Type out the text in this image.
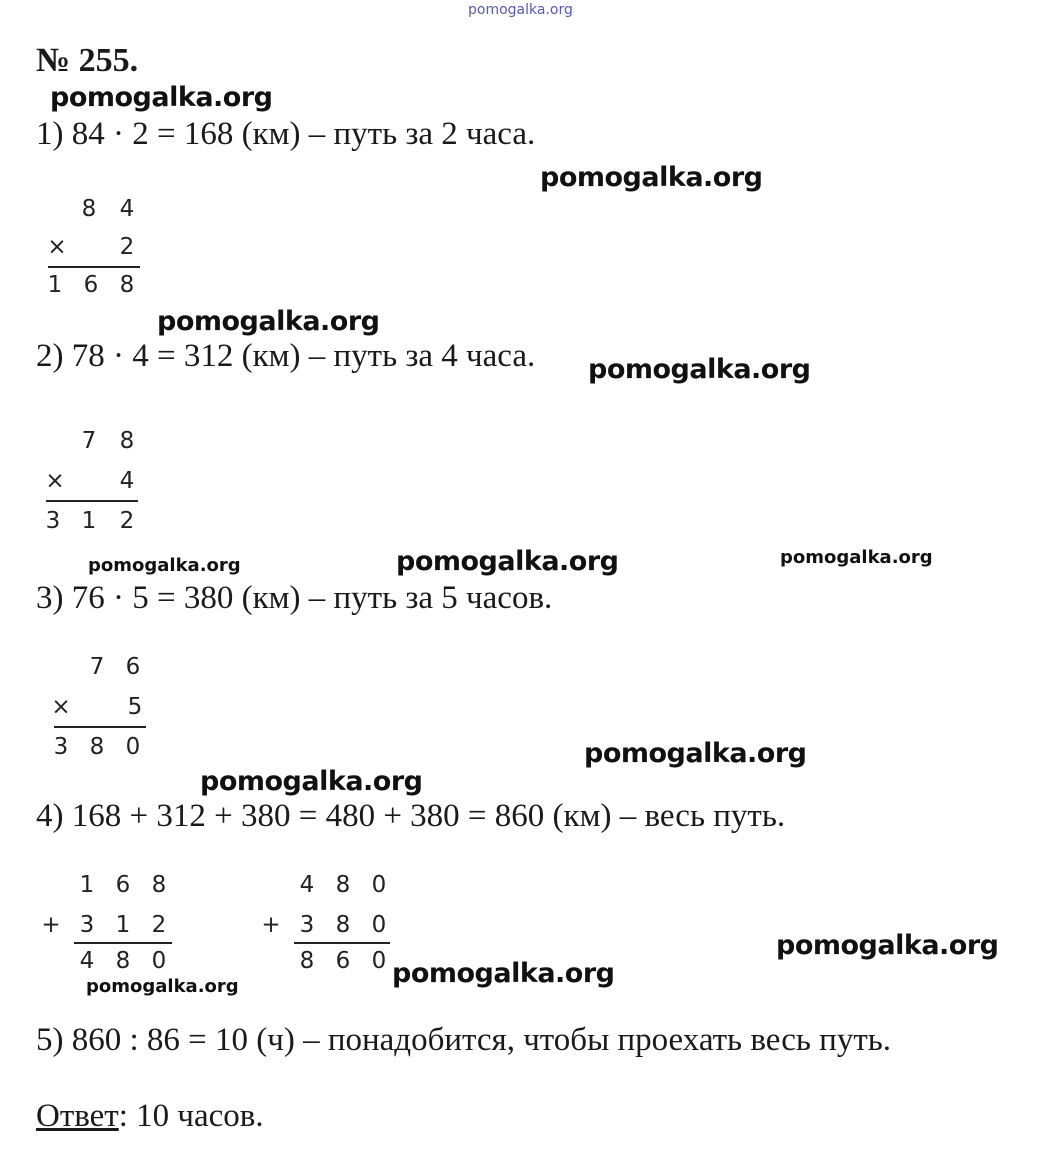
pomogalka.org
№ 255.
pomogalka.org
pomogalka.org
pomogalka.org
pomogalka.org
pomogalka.org	pomogalka.org	pomogalka.org
pomogalka.org
pomogalka.org
pomogalka.org
pomogalka.org
pomogalka.org
1) 84 · 2 = 168 (км) – путь за 2 часа.
2) 78 · 4 = 312 (км) – путь за 4 часа.
3) 76 · 5 = 380 (км) – путь за 5 часов.
4) 168 + 312 + 380 = 480 + 380 = 860 (км) – весь путь.
5) 860 : 86 = 10 (ч) – понадобится, чтобы проехать весь путь.
8	4
×	2
1 6 8
7	8
×	4
3 1	2
7 6
×	5
3 8 0
1 6 8
+ 3 1 2
4 8 0
4 8 0
+ 3 8 0
8 6 0
Ответ: 10 часов.
